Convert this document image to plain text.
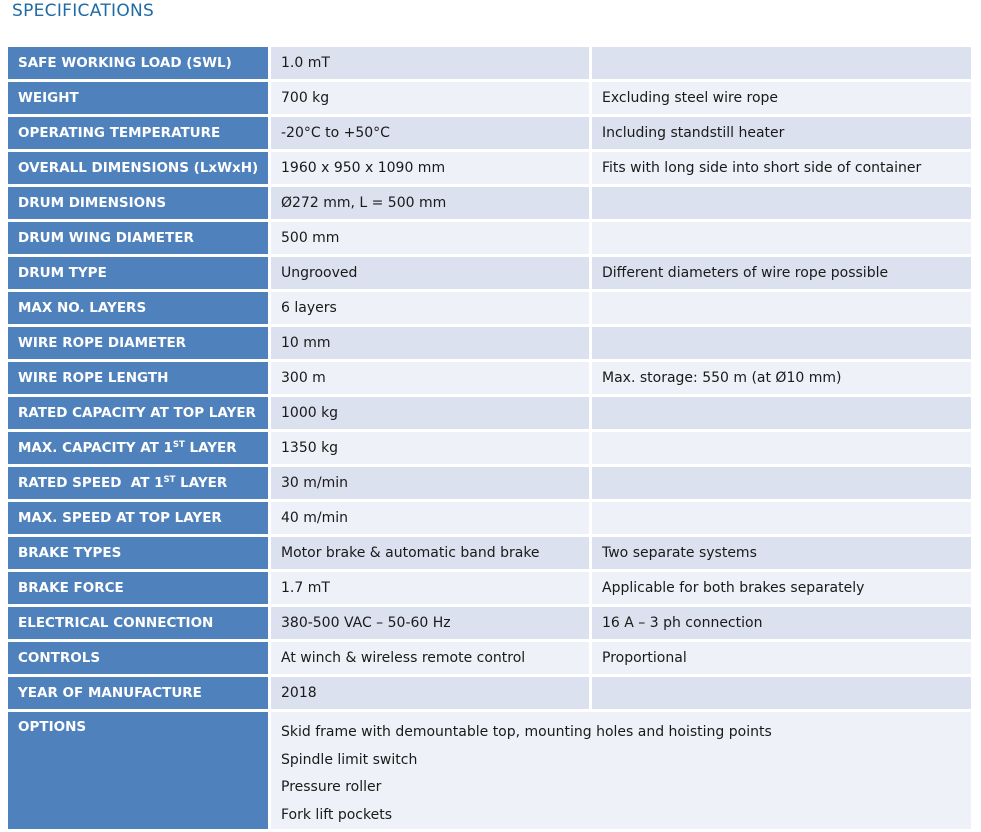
SPECIFICATIONS
SAFE WORKING LOAD (SWL)	1.0 mT	
WEIGHT	700 kg	Excluding steel wire rope
OPERATING TEMPERATURE	-20°C to +50°C	Including standstill heater
OVERALL DIMENSIONS (LxWxH)	1960 x 950 x 1090 mm	Fits with long side into short side of container
DRUM DIMENSIONS	Ø272 mm, L = 500 mm	
DRUM WING DIAMETER	500 mm	
DRUM TYPE	Ungrooved	Different diameters of wire rope possible
MAX NO. LAYERS	6 layers	
WIRE ROPE DIAMETER	10 mm	
WIRE ROPE LENGTH	300 m	Max. storage: 550 m (at Ø10 mm)
RATED CAPACITY AT TOP LAYER	1000 kg	
MAX. CAPACITY AT 1ST LAYER	1350 kg	
RATED SPEED  AT 1ST LAYER	30 m/min	
MAX. SPEED AT TOP LAYER	40 m/min	
BRAKE TYPES	Motor brake & automatic band brake	Two separate systems
BRAKE FORCE	1.7 mT	Applicable for both brakes separately
ELECTRICAL CONNECTION	380-500 VAC – 50-60 Hz	16 A – 3 ph connection
CONTROLS	At winch & wireless remote control	Proportional
YEAR OF MANUFACTURE	2018	
OPTIONS	Skid frame with demountable top, mounting holes and hoisting points
Spindle limit switch
Pressure roller
Fork lift pockets	
